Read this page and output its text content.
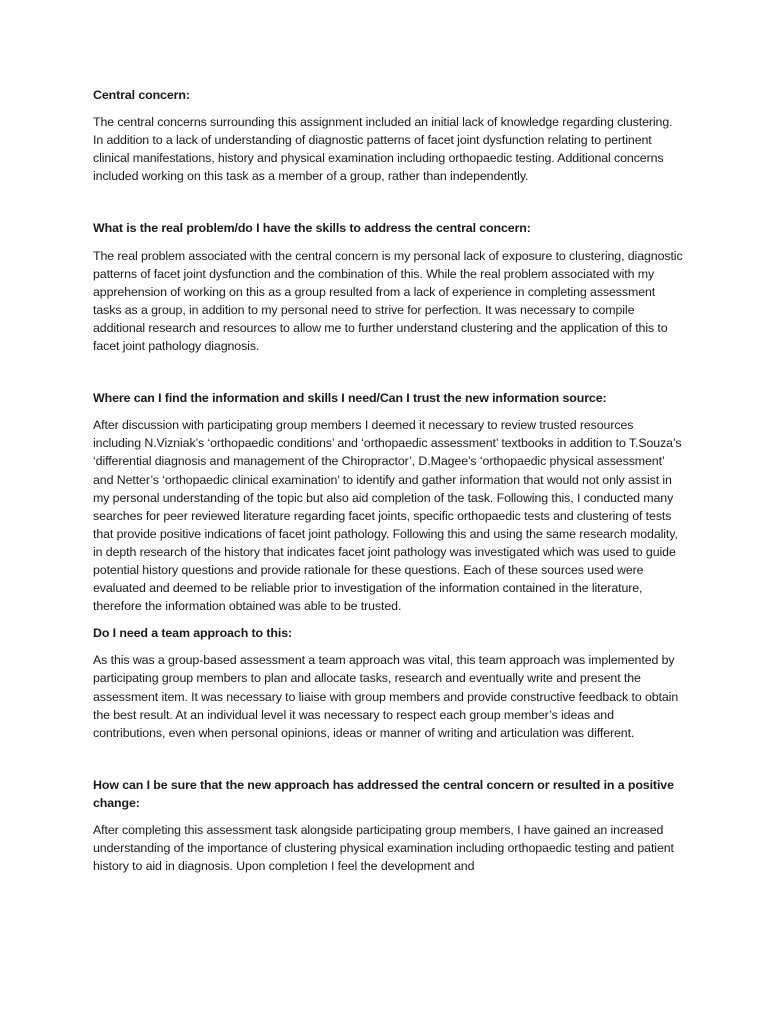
Central concern:

The central concerns surrounding this assignment included an initial lack of knowledge regarding clustering. In addition to a lack of understanding of diagnostic patterns of facet joint dysfunction relating to pertinent clinical manifestations, history and physical examination including orthopaedic testing. Additional concerns included working on this task as a member of a group, rather than independently.

What is the real problem/do I have the skills to address the central concern:

The real problem associated with the central concern is my personal lack of exposure to clustering, diagnostic patterns of facet joint dysfunction and the combination of this. While the real problem associated with my apprehension of working on this as a group resulted from a lack of experience in completing assessment tasks as a group, in addition to my personal need to strive for perfection. It was necessary to compile additional research and resources to allow me to further understand clustering and the application of this to facet joint pathology diagnosis.

Where can I find the information and skills I need/Can I trust the new information source:

After discussion with participating group members I deemed it necessary to review trusted resources including N.Vizniak’s ‘orthopaedic conditions’ and ‘orthopaedic assessment’ textbooks in addition to T.Souza’s ‘differential diagnosis and management of the Chiropractor’, D.Magee’s ‘orthopaedic physical assessment’ and Netter’s ‘orthopaedic clinical examination’ to identify and gather information that would not only assist in my personal understanding of the topic but also aid completion of the task. Following this, I conducted many searches for peer reviewed literature regarding facet joints, specific orthopaedic tests and clustering of tests that provide positive indications of facet joint pathology. Following this and using the same research modality, in depth research of the history that indicates facet joint pathology was investigated which was used to guide potential history questions and provide rationale for these questions. Each of these sources used were evaluated and deemed to be reliable prior to investigation of the information contained in the literature, therefore the information obtained was able to be trusted.

Do I need a team approach to this:

As this was a group-based assessment a team approach was vital, this team approach was implemented by participating group members to plan and allocate tasks, research and eventually write and present the assessment item. It was necessary to liaise with group members and provide constructive feedback to obtain the best result. At an individual level it was necessary to respect each group member’s ideas and contributions, even when personal opinions, ideas or manner of writing and articulation was different.

How can I be sure that the new approach has addressed the central concern or resulted in a positive change:

After completing this assessment task alongside participating group members, I have gained an increased understanding of the importance of clustering physical examination including orthopaedic testing and patient history to aid in diagnosis. Upon completion I feel the development and
